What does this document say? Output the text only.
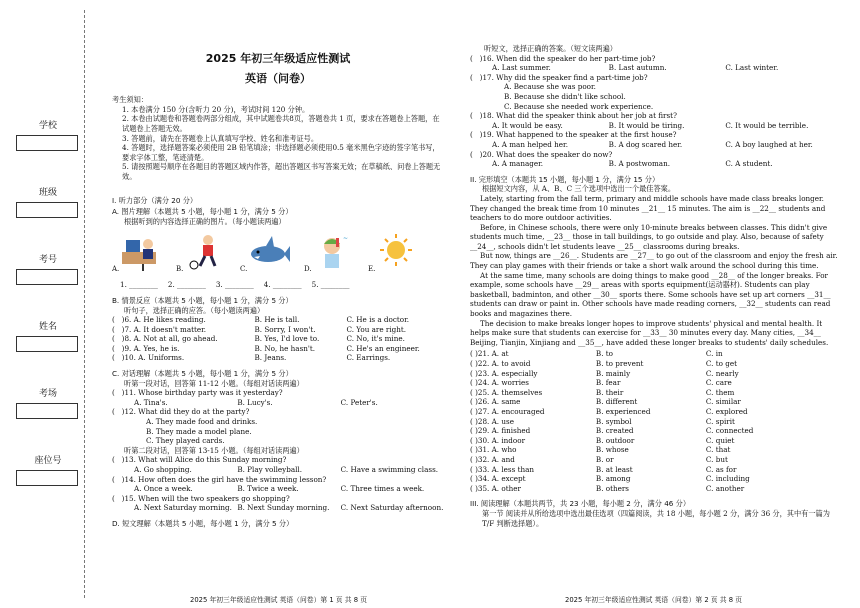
学校
班级
考号
姓名
考场
座位号
2025 年初三年级适应性测试
英语（问卷）

考生须知：

1. 本卷满分 150 分(含听力 20 分)，考试时间 120 分钟。

2. 本卷由试题卷和答题卷两部分组成，其中试题卷共8页，答题卷共 1 页，要求在答题卷上答题，在试题卷上答题无效。

3. 答题前，请先在答题卷上认真填写学校、姓名和准考证号。

4. 答题时，选择题答案必须使用 2B 铅笔填涂；非选择题必须使用0.5 毫米黑色字迹的签字笔书写，要求字体工整，笔迹清楚。

5. 请按照题号顺序在各题目的答题区域内作答，超出答题区书写答案无效；在草稿纸、问卷上答题无效。

I. 听力部分（满分 20 分）
A. 图片理解（本题共 5 小题，每小题 1 分，满分 5 分）
根据听到的内容选择正确的图片。（每小题读两遍）
A.	B.	C.
~
D.	E.
1. ________ 2. ________ 3. ________ 4. ________ 5. ________
B. 情景反应（本题共 5 小题，每小题 1 分，满分 5 分）
听句子，选择正确的应答。（每小题读两遍）
(   ) 6. A. He likes reading.	B. He is tall.	C. He is a doctor.
(   ) 7. A. It doesn't matter.	B. Sorry, I won't.	C. You are right.
(   ) 8. A. Not at all, go ahead.	B. Yes, I'd love to.	C. No, it's mine.
(   ) 9. A. Yes, he is.	B. No, he hasn't.	C. He's an engineer.
(   ) 10. A. Uniforms.	B. Jeans.	C. Earrings.
C. 对话理解（本题共 5 小题，每小题 1 分，满分 5 分）
听第一段对话，回答第 11-12 小题。（每组对话读两遍）
(   ) 11. Whose birthday party was it yesterday?
A. Tina's.	B. Lucy's.	C. Peter's.
(   ) 12. What did they do at the party?
A. They made food and drinks.
B. They made a model plane.
C. They played cards.
听第二段对话，回答第 13-15 小题。（每组对话读两遍）
(   ) 13. What will Alice do this Sunday morning?
A. Go shopping.	B. Play volleyball.	C. Have a swimming class.
(   ) 14. How often does the girl have the swimming lesson?
A. Once a week.	B. Twice a week.	C. Three times a week.
(   ) 15. When will the two speakers go shopping?
A. Next Saturday morning. B. Next Sunday morning.	C. Next Saturday afternoon.
D. 短文理解（本题共 5 小题，每小题 1 分，满分 5 分）
2025 年初三年级适应性测试 英语（问卷）第 1 页 共 8 页
听短文，选择正确的答案。（短文读两遍）
(   ) 16. When did the speaker do her part-time job?
A. Last summer.	B. Last autumn.	C. Last winter.
(   ) 17. Why did the speaker find a part-time job?
A. Because she was poor.
B. Because she didn't like school.
C. Because she needed work experience.
(   ) 18. What did the speaker think about her job at first?
A. It would be easy.	B. It would be tiring.	C. It would be terrible.
(   ) 19. What happened to the speaker at the first house?
A. A man helped her.	B. A dog scared her.	C. A boy laughed at her.
(   ) 20. What does the speaker do now?
A. A manager.	B. A postwoman.	C. A student.
II. 完形填空（本题共 15 小题，每小题 1 分，满分 15 分）
根据短文内容，从 A、B、C 三个选项中选出一个最佳答案。

Lately, starting from the fall term, primary and middle schools have made class breaks longer. They changed the break time from 10 minutes __21__ 15 minutes. The aim is __22__ students and teachers to do more outdoor activities.

Before, in Chinese schools, there were only 10-minute breaks between classes. This didn't give students much time, __23__ those in tall buildings, to go outside and play. Also, because of safety __24__, schools didn't let students leave __25__ classrooms during breaks.

But now, things are __26__. Students are __27__ to go out of the classroom and enjoy the fresh air. They can play games with their friends or take a short walk around the school during this time.

At the same time, many schools are doing things to make good __28__ of the longer breaks. For example, some schools have __29__ areas with sports equipment(运动器材). Students can play basketball, badminton, and other __30__ sports there. Some schools have set up art corners __31__ students can draw or paint in. Other schools have made reading corners, __32__ students can read books and magazines there.

The decision to make breaks longer hopes to improve students' physical and mental health. It helps make sure that students can exercise for __33__ 30 minutes every day. Many cities, __34__ Beijing, Tianjin, Xinjiang and __35__, have added these longer breaks to students' daily schedules.

( ) 21. A. at	B. to	C. in
( ) 22. A. to avoid	B. to prevent	C. to get
( ) 23. A. especially	B. mainly	C. nearly
( ) 24. A. worries	B. fear	C. care
( ) 25. A. themselves	B. their	C. them
( ) 26. A. same	B. different	C. similar
( ) 27. A. encouraged	B. experienced	C. explored
( ) 28. A. use	B. symbol	C. spirit
( ) 29. A. finished	B. created	C. connected
( ) 30. A. indoor	B. outdoor	C. quiet
( ) 31. A. who	B. whose	C. that
( ) 32. A. and	B. or	C. but
( ) 33. A. less than	B. at least	C. as for
( ) 34. A. except	B. among	C. including
( ) 35. A. other	B. others	C. another
III. 阅读理解（本题共两节，共 23 小题，每小题 2 分，满分 46 分）
第一节 阅读并从所给选项中选出最佳选项（四篇阅读，共 18 小题，每小题 2 分，满分 36 分，其中有一篇为 T/F 判断选择题）。
2025 年初三年级适应性测试 英语（问卷）第 2 页 共 8 页
